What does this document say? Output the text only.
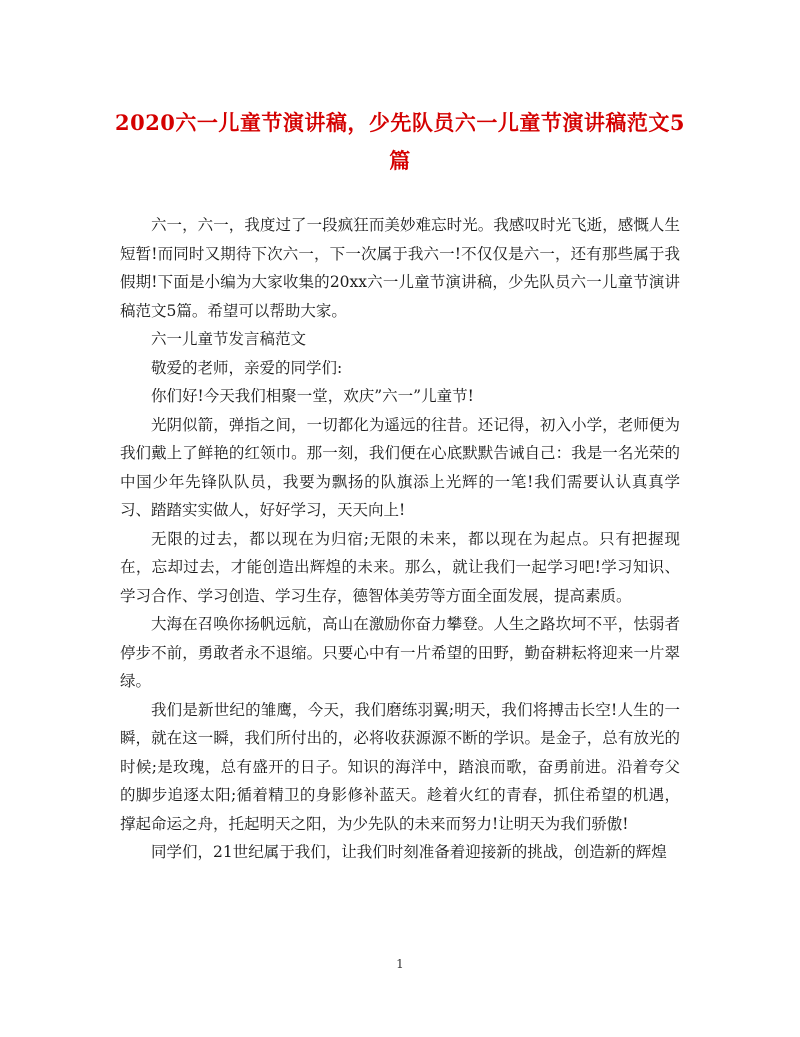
2020六一儿童节演讲稿，少先队员六一儿童节演讲稿范文5篇

六一，六一，我度过了一段疯狂而美妙难忘时光。我感叹时光飞逝，感慨人生短暂!而同时又期待下次六一，下一次属于我六一!不仅仅是六一，还有那些属于我假期!下面是小编为大家收集的20xx六一儿童节演讲稿，少先队员六一儿童节演讲稿范文5篇。希望可以帮助大家。

六一儿童节发言稿范文

敬爱的老师，亲爱的同学们:

你们好!今天我们相聚一堂，欢庆”六一”儿童节!

光阴似箭，弹指之间，一切都化为遥远的往昔。还记得，初入小学，老师便为我们戴上了鲜艳的红领巾。那一刻，我们便在心底默默告诫自己：我是一名光荣的中国少年先锋队队员，我要为飘扬的队旗添上光辉的一笔!我们需要认认真真学习、踏踏实实做人，好好学习，天天向上!

无限的过去，都以现在为归宿;无限的未来，都以现在为起点。只有把握现在，忘却过去，才能创造出辉煌的未来。那么，就让我们一起学习吧!学习知识、学习合作、学习创造、学习生存，德智体美劳等方面全面发展，提高素质。

大海在召唤你扬帆远航，高山在激励你奋力攀登。人生之路坎坷不平，怯弱者停步不前，勇敢者永不退缩。只要心中有一片希望的田野，勤奋耕耘将迎来一片翠绿。

我们是新世纪的雏鹰，今天，我们磨练羽翼;明天，我们将搏击长空!人生的一瞬，就在这一瞬，我们所付出的，必将收获源源不断的学识。是金子，总有放光的时候;是玫瑰，总有盛开的日子。知识的海洋中，踏浪而歌，奋勇前进。沿着夸父的脚步追逐太阳;循着精卫的身影修补蓝天。趁着火红的青春，抓住希望的机遇，撑起命运之舟，托起明天之阳，为少先队的未来而努力!让明天为我们骄傲!

同学们，21世纪属于我们，让我们时刻准备着迎接新的挑战，创造新的辉煌

1
